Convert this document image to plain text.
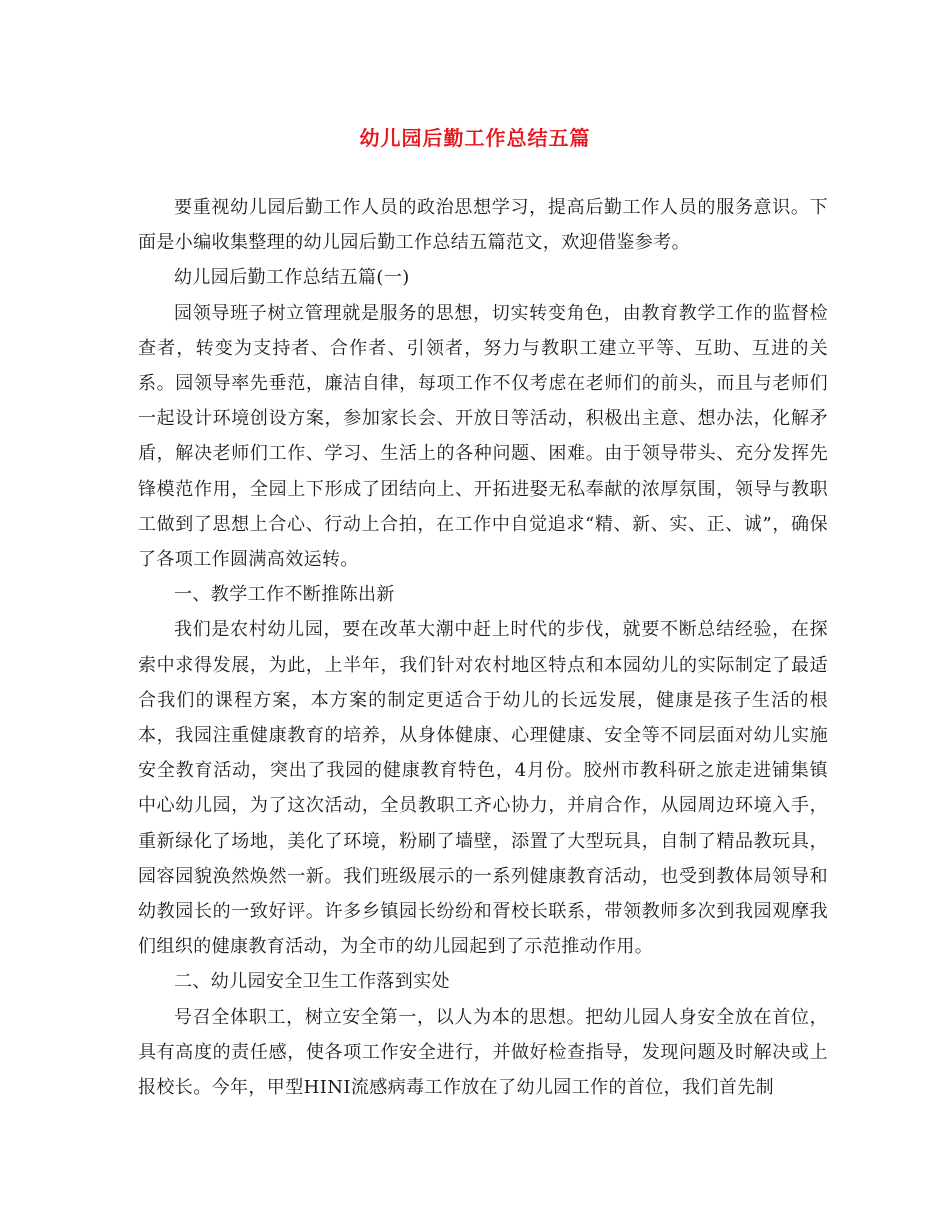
幼儿园后勤工作总结五篇

要重视幼儿园后勤工作人员的政治思想学习，提高后勤工作人员的服务意识。下面是小编收集整理的幼儿园后勤工作总结五篇范文，欢迎借鉴参考。

幼儿园后勤工作总结五篇(一)

园领导班子树立管理就是服务的思想，切实转变角色，由教育教学工作的监督检查者，转变为支持者、合作者、引领者，努力与教职工建立平等、互助、互进的关系。园领导率先垂范，廉洁自律，每项工作不仅考虑在老师们的前头，而且与老师们一起设计环境创设方案，参加家长会、开放日等活动，积极出主意、想办法，化解矛盾，解决老师们工作、学习、生活上的各种问题、困难。由于领导带头、充分发挥先锋模范作用，全园上下形成了团结向上、开拓进娶无私奉献的浓厚氛围，领导与教职工做到了思想上合心、行动上合拍，在工作中自觉追求“精、新、实、正、诚”，确保了各项工作圆满高效运转。

一、教学工作不断推陈出新

我们是农村幼儿园，要在改革大潮中赶上时代的步伐，就要不断总结经验，在探索中求得发展，为此，上半年，我们针对农村地区特点和本园幼儿的实际制定了最适合我们的课程方案，本方案的制定更适合于幼儿的长远发展，健康是孩子生活的根本，我园注重健康教育的培养，从身体健康、心理健康、安全等不同层面对幼儿实施安全教育活动，突出了我园的健康教育特色，4月份。胶州市教科研之旅走进铺集镇中心幼儿园，为了这次活动，全员教职工齐心协力，并肩合作，从园周边环境入手，重新绿化了场地，美化了环境，粉刷了墙壁，添置了大型玩具，自制了精品教玩具，园容园貌涣然焕然一新。我们班级展示的一系列健康教育活动，也受到教体局领导和幼教园长的一致好评。许多乡镇园长纷纷和胥校长联系，带领教师多次到我园观摩我们组织的健康教育活动，为全市的幼儿园起到了示范推动作用。

二、幼儿园安全卫生工作落到实处

号召全体职工，树立安全第一，以人为本的思想。把幼儿园人身安全放在首位，具有高度的责任感，使各项工作安全进行，并做好检查指导，发现问题及时解决或上报校长。今年，甲型HINI流感病毒工作放在了幼儿园工作的首位，我们首先制
